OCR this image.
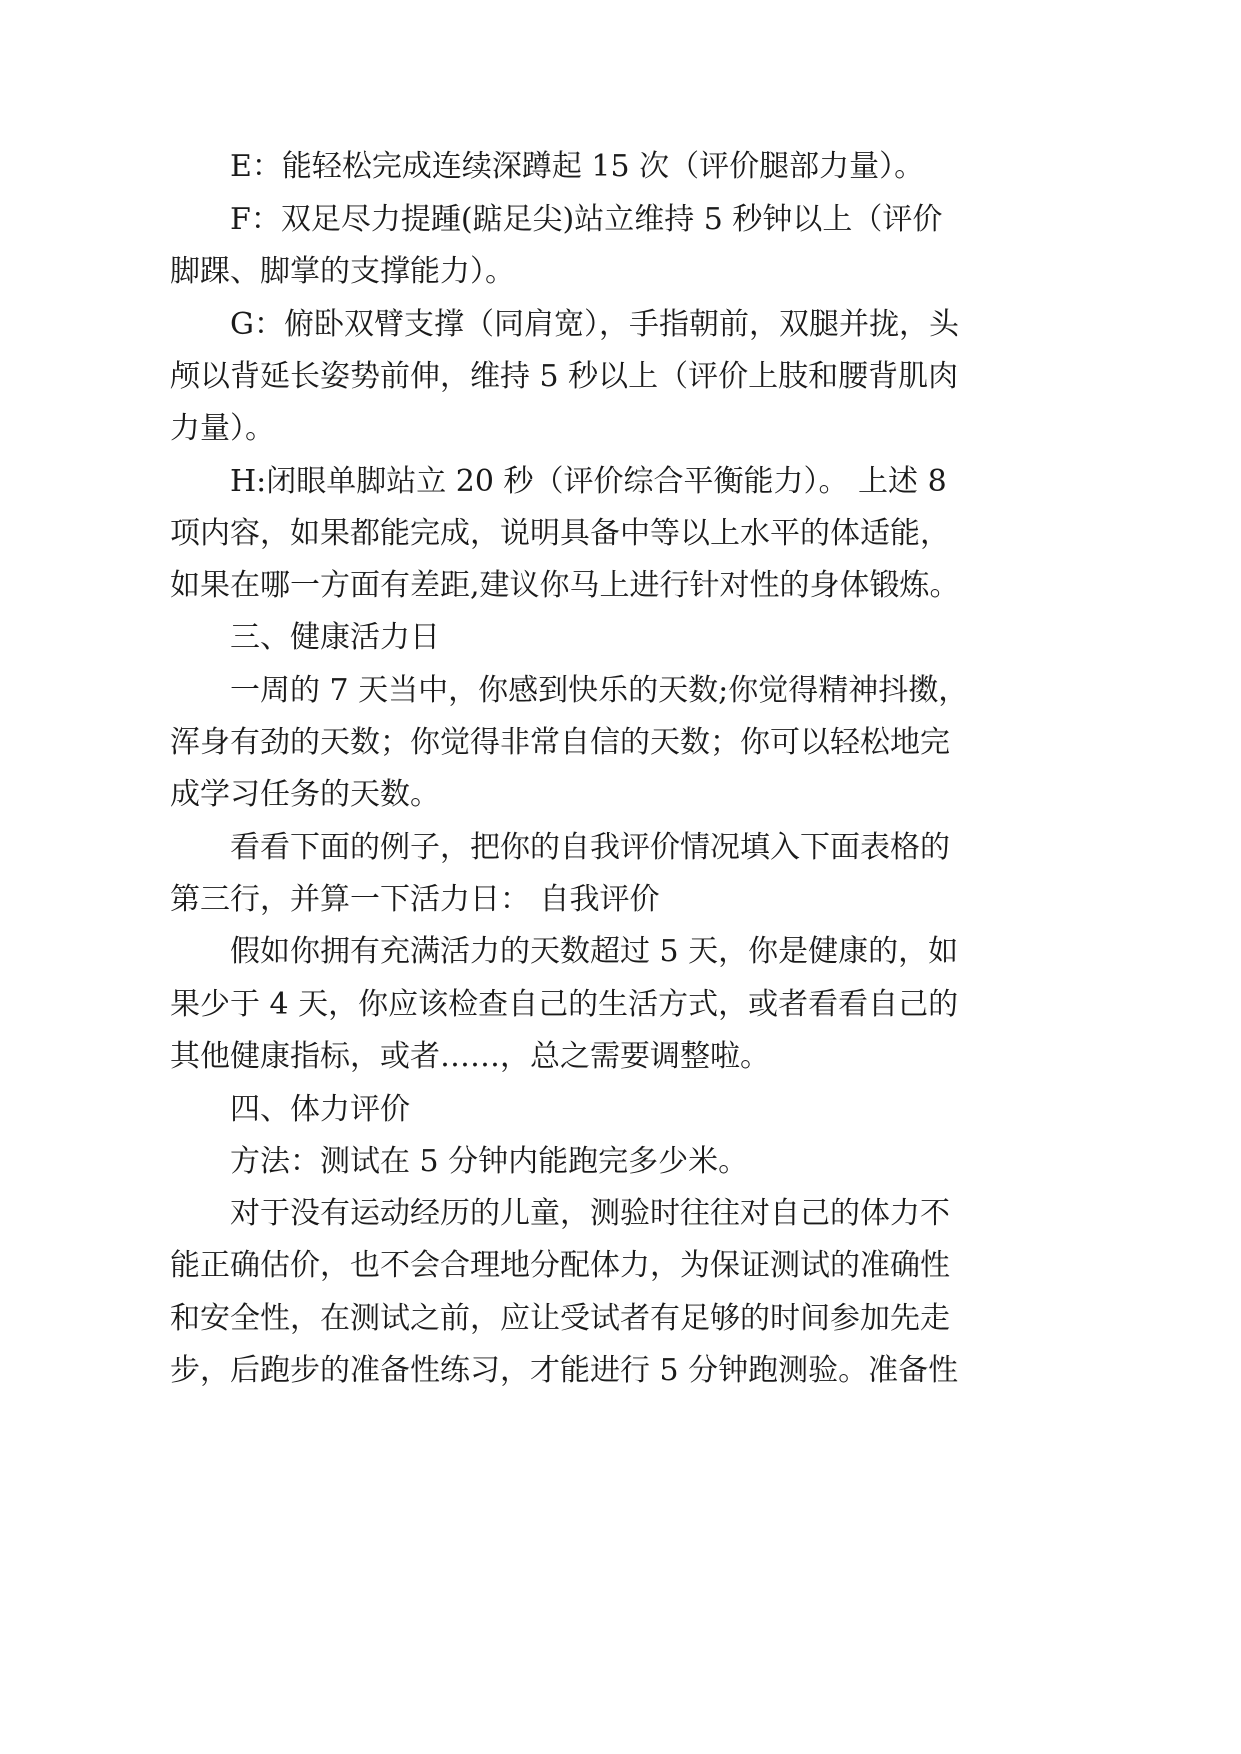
E：能轻松完成连续深蹲起 15 次（评价腿部力量）。

F：双足尽力提踵(踮足尖)站立维持 5 秒钟以上（评价

脚踝、脚掌的支撑能力）。

G：俯卧双臂支撑（同肩宽），手指朝前，双腿并拢，头

颅以背延长姿势前伸，维持 5 秒以上（评价上肢和腰背肌肉

力量）。

H:闭眼单脚站立 20 秒（评价综合平衡能力）。 上述 8

项内容，如果都能完成，说明具备中等以上水平的体适能，

如果在哪一方面有差距,建议你马上进行针对性的身体锻炼。

三、健康活力日

一周的 7 天当中，你感到快乐的天数;你觉得精神抖擞，

浑身有劲的天数；你觉得非常自信的天数；你可以轻松地完

成学习任务的天数。

看看下面的例子，把你的自我评价情况填入下面表格的

第三行，并算一下活力日： 自我评价

假如你拥有充满活力的天数超过 5 天，你是健康的，如

果少于 4 天，你应该检查自己的生活方式，或者看看自己的

其他健康指标，或者……，总之需要调整啦。

四、体力评价

方法：测试在 5 分钟内能跑完多少米。

对于没有运动经历的儿童，测验时往往对自己的体力不

能正确估价，也不会合理地分配体力，为保证测试的准确性

和安全性，在测试之前，应让受试者有足够的时间参加先走

步，后跑步的准备性练习，才能进行 5 分钟跑测验。准备性
